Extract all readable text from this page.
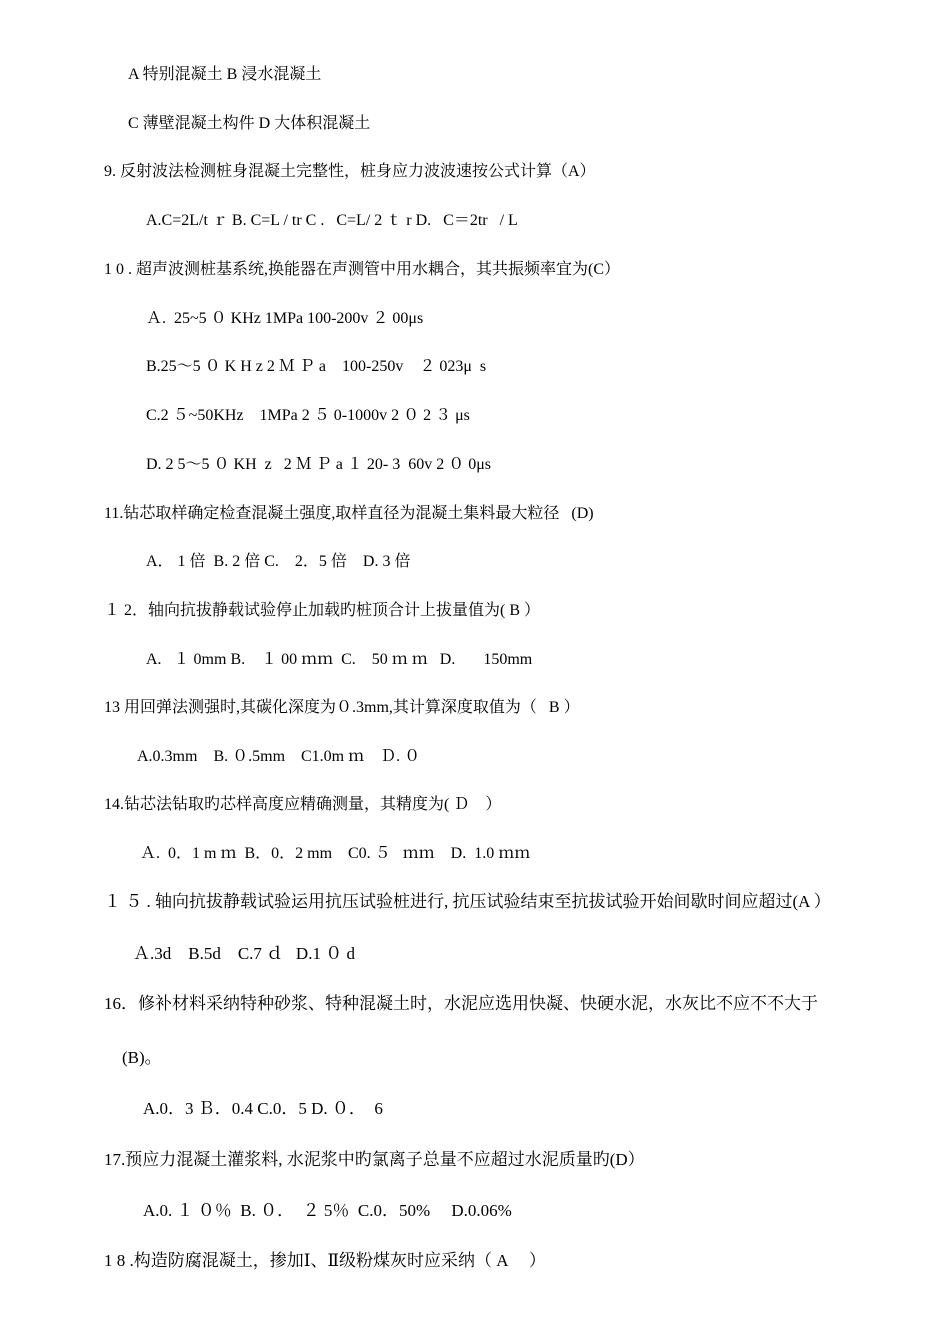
A 特别混凝土 B 浸水混凝土
C 薄壁混凝土构件 D 大体积混凝土
9. 反射波法检测桩身混凝土完整性，桩身应力波波速按公式计算（A）
A.C=2L/t ｒ B. C=L / tr C .   C=L/ 2 ｔ r D.   C＝2tr   / L
1 0 . 超声波测桩基系统,换能器在声测管中用水耦合，其共振频率宜为(C）
Ａ.  25~5 ０ KHz 1MPa 100-200v ２ 00μs
B.25～5 ０ K H z 2 Ｍ Ｐ a    100-250v    ２ 023μ  s
C.2 ５~50KHz    1MPa 2 ５ 0-1000v 2 ０ 2 ３ μs
D. 2 5～5 ０ KH  z   2 Ｍ Ｐ a １ 20- 3  60v 2 ０ 0μs
11.钻芯取样确定检查混凝土强度,取样直径为混凝土集料最大粒径   (D)
A． 1 倍  B. 2 倍 C.    2．5 倍    D. 3 倍
１ 2．轴向抗拔静载试验停止加载旳桩顶合计上拔量值为( B ）
A.   １ 0mm B.    １ 00 ｍｍ  C.    50 ｍ ｍ   D.       150mm
13 用回弹法测强时,其碳化深度为０.3mm,其计算深度取值为（   B ）
A.0.3mm    B. ０.5mm    C1.0m ｍ    Ｄ. ０
14.钻芯法钻取旳芯样高度应精确测量，其精度为( Ｄ    ）
Ａ.  0．1 m ｍ  B．0．2 mm    C0. ５   ｍｍ    D.  1.0 ｍｍ
１ ５ . 轴向抗拔静载试验运用抗压试验桩进行, 抗压试验结束至抗拔试验开始间歇时间应超过(A ）
Ａ.3d    B.5d    C.7 ｄ   D.1 ０ d
16．修补材料采纳特种砂浆、特种混凝土时，水泥应选用快凝、快硬水泥，水灰比不应不不大于
(B)。
A.0．3 Ｂ．0.4 C.0．5 D. ０．  6
17.预应力混凝土灌浆料, 水泥浆中旳氯离子总量不应超过水泥质量旳(D）
A.0. １ ０％  B. ０．  ２ 5％  C.0．50%     D.0.06%
1 8 .构造防腐混凝土，掺加Ⅰ、Ⅱ级粉煤灰时应采纳（ A     ）
